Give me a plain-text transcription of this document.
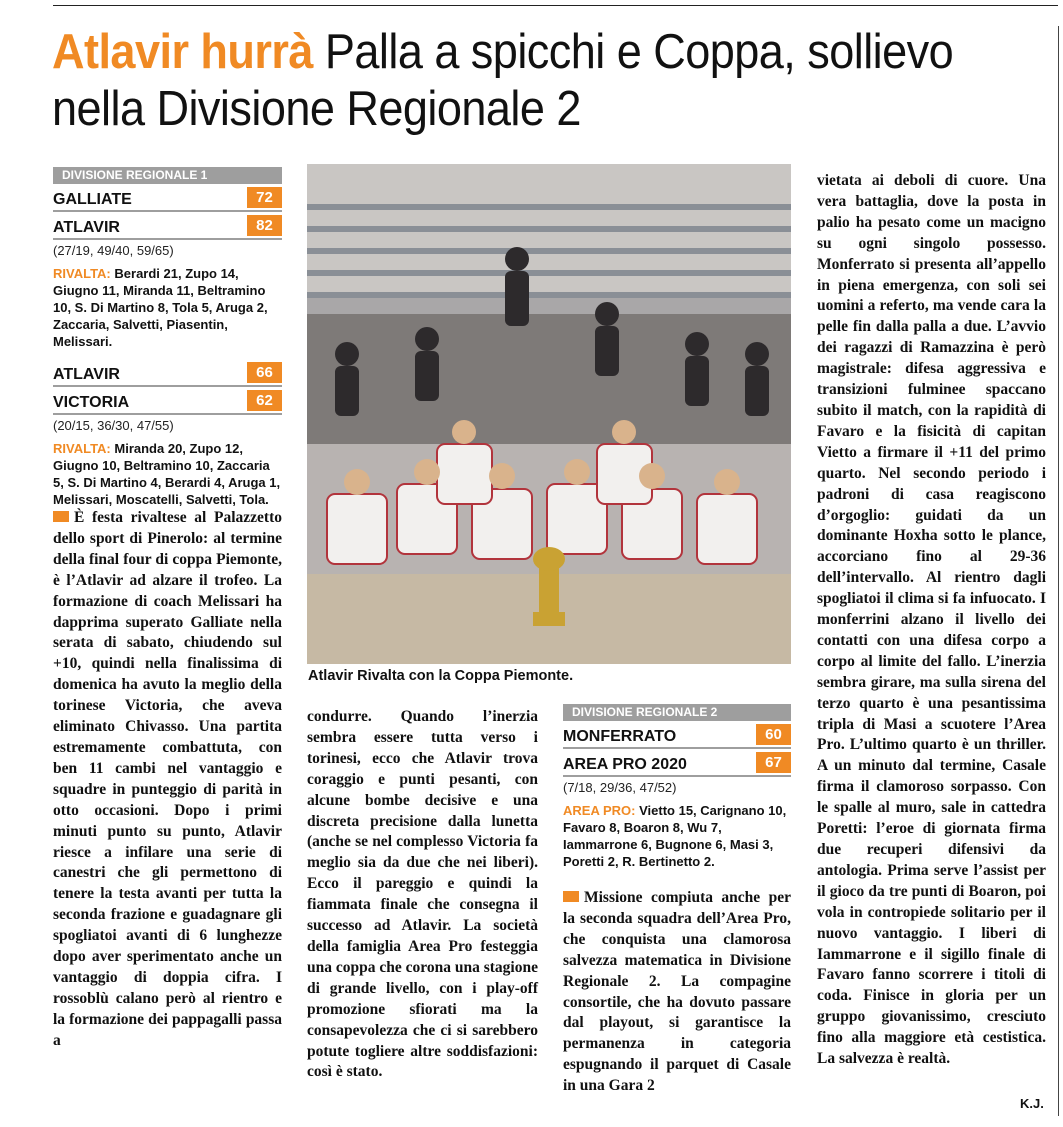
Atlavir hurrà Palla a spicchi e Coppa, sollievo nella Divisione Regionale 2
DIVISIONE REGIONALE 1
GALLIATE	72
ATLAVIR	82
(27/19, 49/40, 59/65)
RIVALTA: Berardi 21, Zupo 14, Giugno 11, Miranda 11, Beltramino 10, S. Di Martino 8, Tola 5, Aruga 2, Zaccaria, Salvetti, Piasentin, Melissari.
ATLAVIR	66
VICTORIA	62
(20/15, 36/30, 47/55)
RIVALTA: Miranda 20, Zupo 12, Giugno 10, Beltramino 10, Zaccaria 5, S. Di Martino 4, Berardi 4, Aruga 1, Melissari, Moscatelli, Salvetti, Tola.
Atlavir Rivalta con la Coppa Piemonte.

È festa rivaltese al Palazzetto dello sport di Pinerolo: al termine della final four di coppa Piemonte, è l’Atlavir ad alzare il trofeo. La formazione di coach Melissari ha dapprima superato Galliate nella serata di sabato, chiudendo sul +10, quindi nella finalissima di domenica ha avuto la meglio della torinese Victoria, che aveva eliminato Chivasso. Una partita estremamente combattuta, con ben 11 cambi nel vantaggio e squadre in punteggio di parità in otto occasioni. Dopo i primi minuti punto su punto, Atlavir riesce a infilare una serie di canestri che gli permettono di tenere la testa avanti per tutta la seconda frazione e guadagnare gli spogliatoi avanti di 6 lunghezze dopo aver sperimentato anche un vantaggio di doppia cifra. I rossoblù calano però al rientro e la formazione dei pappagalli passa a

condurre. Quando l’inerzia sembra essere tutta verso i torinesi, ecco che Atlavir trova coraggio e punti pesanti, con alcune bombe decisive e una discreta precisione dalla lunetta (anche se nel complesso Victoria fa meglio sia da due che nei liberi). Ecco il pareggio e quindi la fiammata finale che consegna il successo ad Atlavir. La società della famiglia Area Pro festeggia una coppa che corona una stagione di grande livello, con i play-off promozione sfiorati ma la consapevolezza che ci si sarebbero potute togliere altre soddisfazioni: così è stato.

DIVISIONE REGIONALE 2
MONFERRATO	60
AREA PRO 2020	67
(7/18, 29/36, 47/52)
AREA PRO: Vietto 15, Carignano 10, Favaro 8, Boaron 8, Wu 7, Iammarrone 6, Bugnone 6, Masi 3, Poretti 2, R. Bertinetto 2.

Missione compiuta anche per la seconda squadra dell’Area Pro, che conquista una clamorosa salvezza matematica in Divisione Regionale 2. La compagine consortile, che ha dovuto passare dal playout, si garantisce la permanenza in categoria espugnando il parquet di Casale in una Gara 2

vietata ai deboli di cuore. Una vera battaglia, dove la posta in palio ha pesato come un macigno su ogni singolo possesso. Monferrato si presenta all’appello in piena emergenza, con soli sei uomini a referto, ma vende cara la pelle fin dalla palla a due. L’avvio dei ragazzi di Ramazzina è però magistrale: difesa aggressiva e transizioni fulminee spaccano subito il match, con la rapidità di Favaro e la fisicità di capitan Vietto a firmare il +11 del primo quarto. Nel secondo periodo i padroni di casa reagiscono d’orgoglio: guidati da un dominante Hoxha sotto le plance, accorciano fino al 29-36 dell’intervallo. Al rientro dagli spogliatoi il clima si fa infuocato. I monferrini alzano il livello dei contatti con una difesa corpo a corpo al limite del fallo. L’inerzia sembra girare, ma sulla sirena del terzo quarto è una pesantissima tripla di Masi a scuotere l’Area Pro. L’ultimo quarto è un thriller. A un minuto dal termine, Casale firma il clamoroso sorpasso. Con le spalle al muro, sale in cattedra Poretti: l’eroe di giornata firma due recuperi difensivi da antologia. Prima serve l’assist per il gioco da tre punti di Boaron, poi vola in contropiede solitario per il nuovo vantaggio. I liberi di Iammarrone e il sigillo finale di Favaro fanno scorrere i titoli di coda. Finisce in gloria per un gruppo giovanissimo, cresciuto fino alla maggiore età cestistica. La salvezza è realtà.

K.J.
